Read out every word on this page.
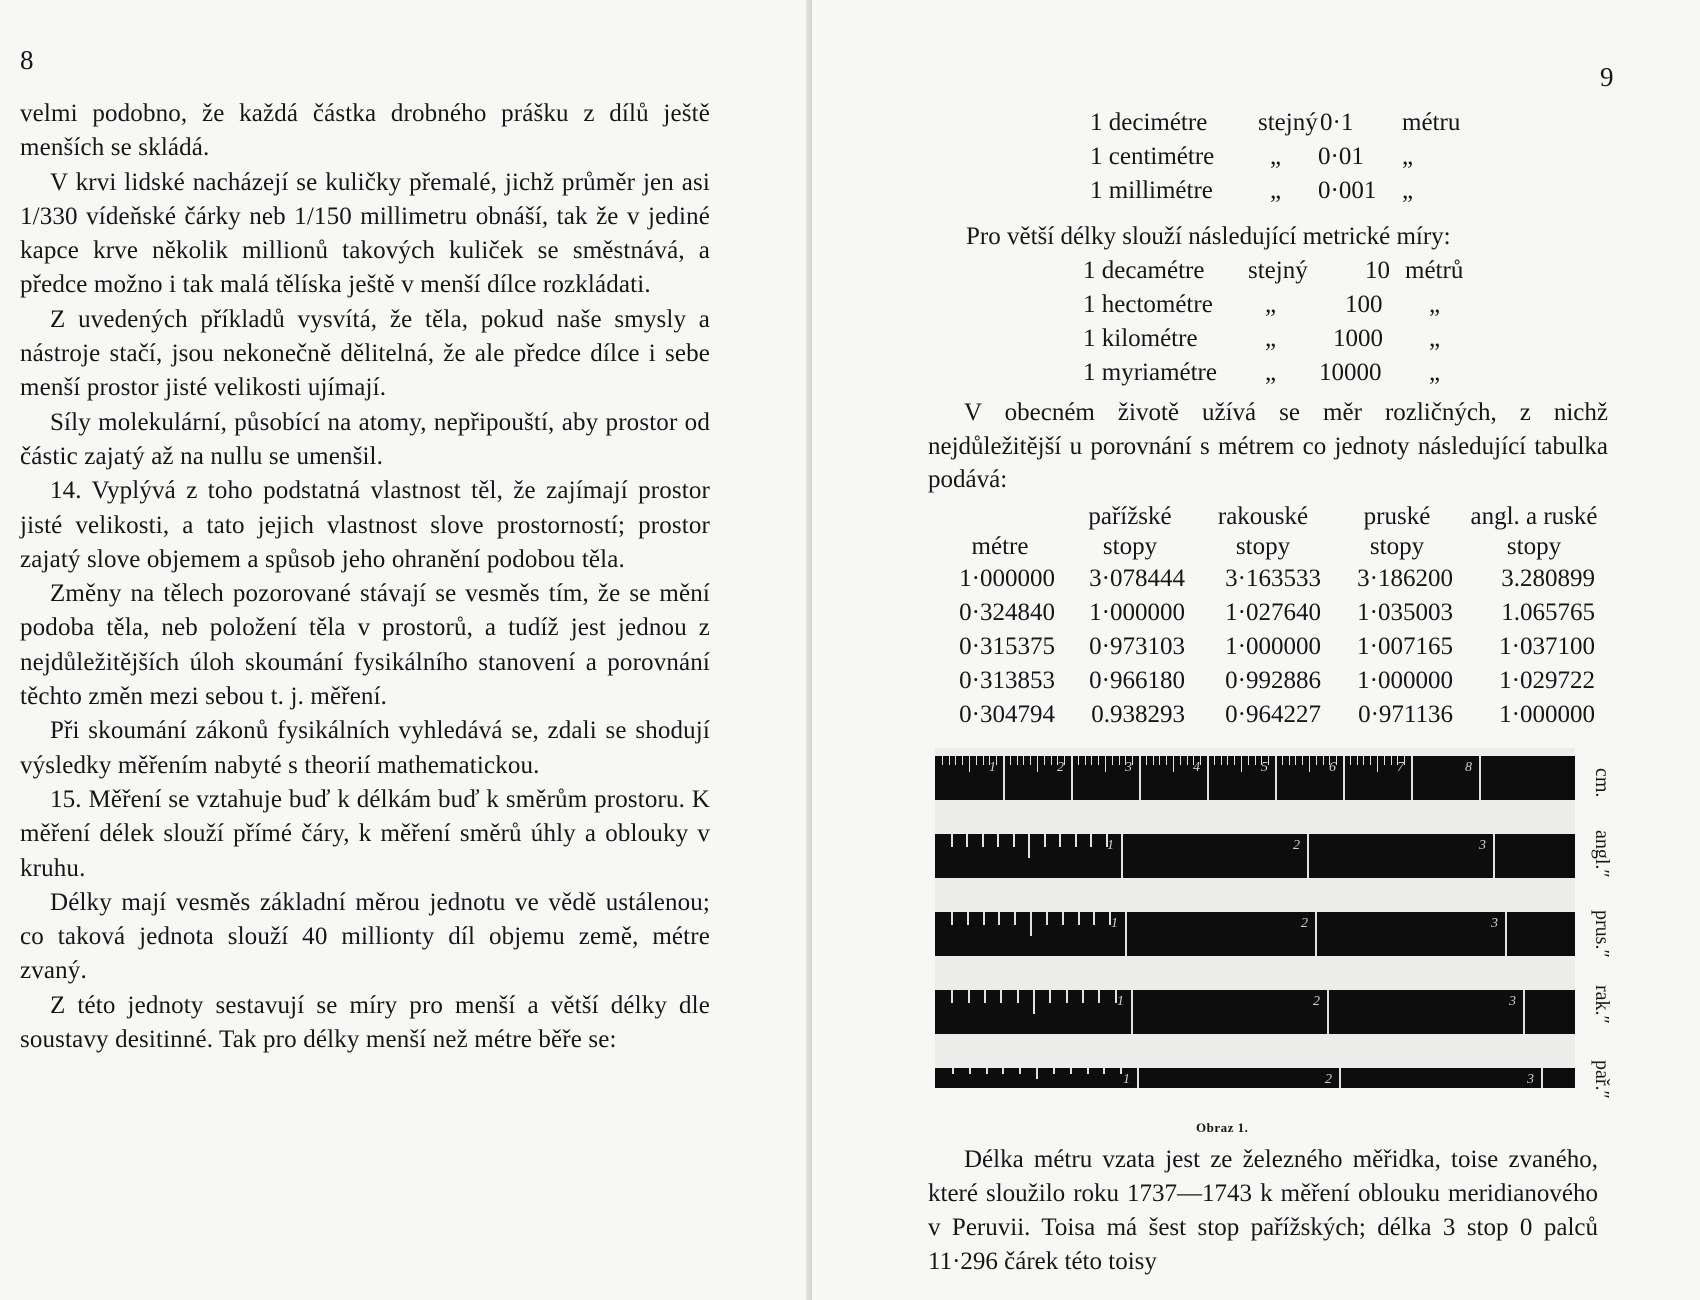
8

velmi podobno, že každá částka drobného prášku z dílů ještě menších se skládá.

V krvi lidské nacházejí se kuličky přemalé, jichž průměr jen asi 1/330 vídeňské čárky neb 1/150 millimetru obnáší, tak že v jediné kapce krve několik millionů takových kuliček se směstnává, a předce možno i tak malá tělíska ještě v menší dílce rozkládati.

Z uvedených příkladů vysvítá, že těla, pokud naše smysly a nástroje stačí, jsou nekonečně dělitelná, že ale předce dílce i sebe menší prostor jisté velikosti ujímají.

Síly molekulární, působící na atomy, nepřipouští, aby prostor od částic zajatý až na nullu se umenšil.

14. Vyplývá z toho podstatná vlastnost těl, že zajímají prostor jisté velikosti, a tato jejich vlastnost slove prostorností; prostor zajatý slove objemem a spůsob jeho ohranění podobou těla.

Změny na tělech pozorované stávají se vesměs tím, že se mění podoba těla, neb položení těla v prostorů, a tudíž jest jednou z nejdůležitějších úloh skoumání fysikálního stanovení a porovnání těchto změn mezi sebou t. j. měření.

Při skoumání zákonů fysikálních vyhledává se, zdali se shodují výsledky měřením nabyté s theorií mathematickou.

15. Měření se vztahuje buď k délkám buď k směrům prostoru. K měření délek slouží přímé čáry, k měření směrů úhly a oblouky v kruhu.

Délky mají vesměs základní měrou jednotu ve vědě ustálenou; co taková jednota slouží 40 millionty díl objemu země, métre zvaný.

Z této jednoty sestavují se míry pro menší a větší délky dle soustavy desitinné. Tak pro délky menší než métre běře se:

9
1 decimétre stejný 0·1 métru
1 centimétre „ 0·01 „
1 millimétre „ 0·001 „
Pro větší délky slouží následující metrické míry:
1 decamétre stejný 10 métrů
1 hectométre „	100 „
1 kilométre	„ 1000 „
1 myriamétre „ 10000 „
V obecném životě užívá se měr rozličných, z nichž nejdůležitější u porovnání s métrem co jednoty následující tabulka podává:
métre	pařížské stopy	rakouské stopy	pruské stopy	angl. a ruské stopy
1·000000	3·078444	3·163533	3·186200	3.280899
0·324840	1·000000	1·027640	1·035003	1.065765
0·315375	0·973103	1·000000	1·007165	1·037100
0·313853	0·966180	0·992886	1·000000	1·029722
0·304794	0.938293	0·964227	0·971136	1·000000
1	2	3	4	5	6	7	8
1	2	3
1	2	3
1	2	3
1	2	3
cm.
angl.″
prus.″
rak.″
pař.″
Obraz 1.

Délka métru vzata jest ze železného měřidka, toise zvaného, které sloužilo roku 1737—1743 k měření oblouku meridianového v Peruvii. Toisa má šest stop pařížských; délka 3 stop 0 palců 11·296 čárek této toisy
